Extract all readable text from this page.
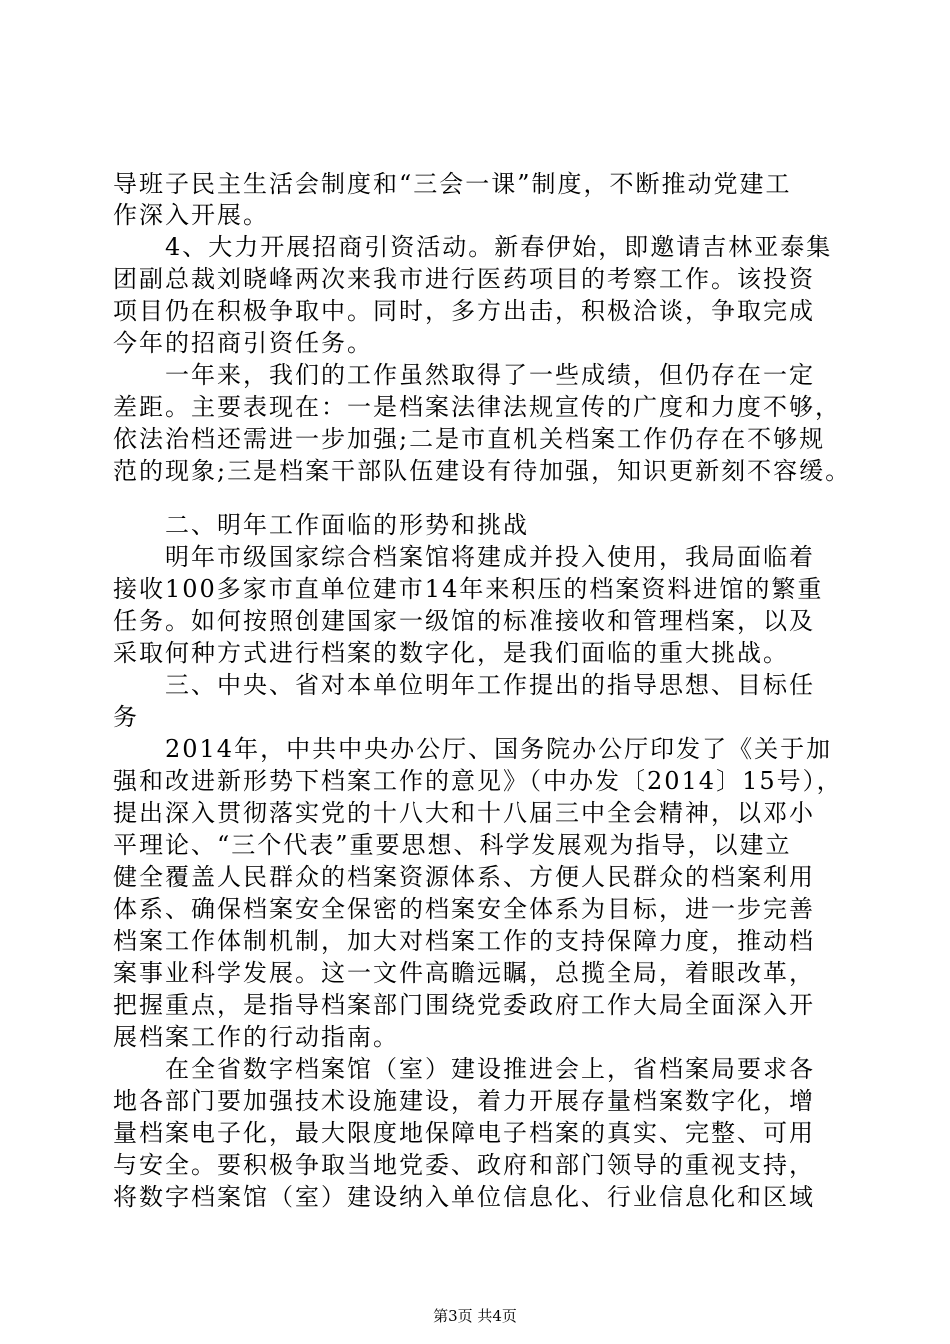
导班子民主生活会制度和“三会一课”制度，不断推动党建工
作深入开展。
　　4、大力开展招商引资活动。新春伊始，即邀请吉林亚泰集
团副总裁刘晓峰两次来我市进行医药项目的考察工作。该投资
项目仍在积极争取中。同时，多方出击，积极洽谈，争取完成
今年的招商引资任务。
　　一年来，我们的工作虽然取得了一些成绩，但仍存在一定
差距。主要表现在：一是档案法律法规宣传的广度和力度不够，
依法治档还需进一步加强;二是市直机关档案工作仍存在不够规
范的现象;三是档案干部队伍建设有待加强，知识更新刻不容缓。
　　二、明年工作面临的形势和挑战
　　明年市级国家综合档案馆将建成并投入使用，我局面临着
接收100多家市直单位建市14年来积压的档案资料进馆的繁重
任务。如何按照创建国家一级馆的标准接收和管理档案，以及
采取何种方式进行档案的数字化，是我们面临的重大挑战。
　　三、中央、省对本单位明年工作提出的指导思想、目标任
务
　　2014年，中共中央办公厅、国务院办公厅印发了《关于加
强和改进新形势下档案工作的意见》（中办发〔2014〕15号），
提出深入贯彻落实党的十八大和十八届三中全会精神，以邓小
平理论、“三个代表”重要思想、科学发展观为指导，以建立
健全覆盖人民群众的档案资源体系、方便人民群众的档案利用
体系、确保档案安全保密的档案安全体系为目标，进一步完善
档案工作体制机制，加大对档案工作的支持保障力度，推动档
案事业科学发展。这一文件高瞻远瞩，总揽全局，着眼改革，
把握重点，是指导档案部门围绕党委政府工作大局全面深入开
展档案工作的行动指南。
　　在全省数字档案馆（室）建设推进会上，省档案局要求各
地各部门要加强技术设施建设，着力开展存量档案数字化，增
量档案电子化，最大限度地保障电子档案的真实、完整、可用
与安全。要积极争取当地党委、政府和部门领导的重视支持，
将数字档案馆（室）建设纳入单位信息化、行业信息化和区域
第3页 共4页
